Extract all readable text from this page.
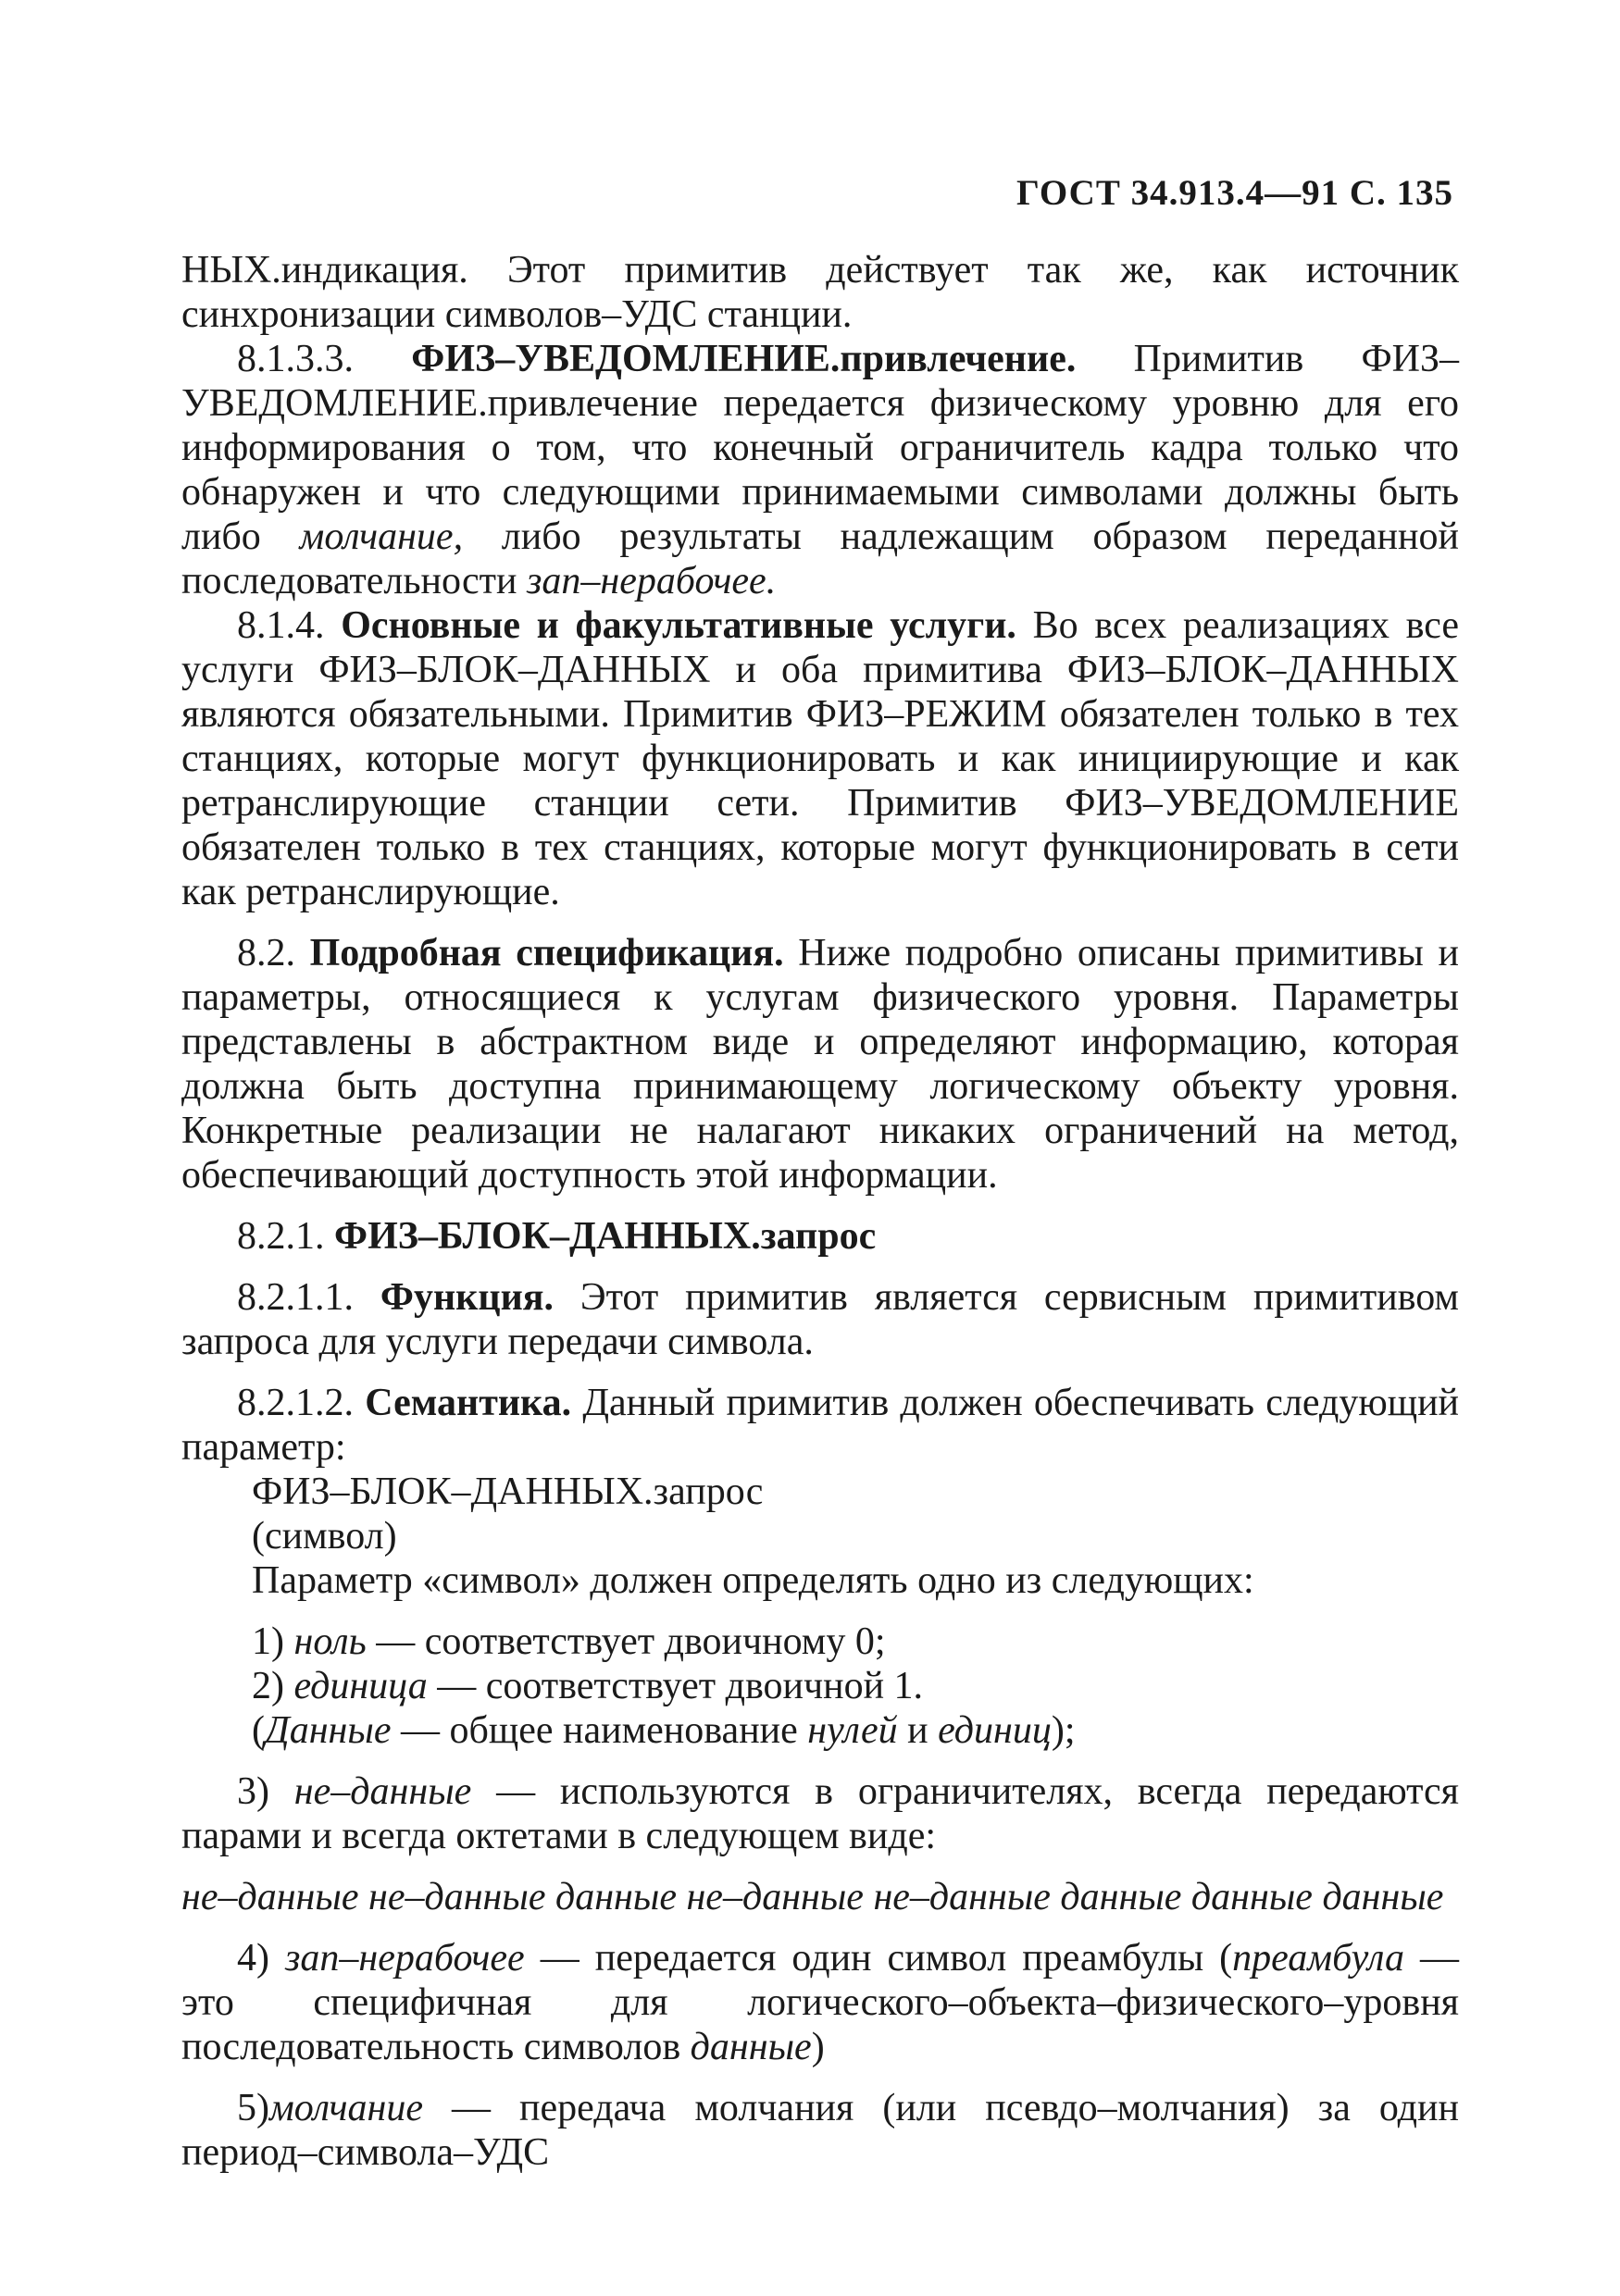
ГОСТ 34.913.4—91 С. 135

НЫХ.индикация. Этот примитив действует так же, как источник синхронизации символов–УДС станции.

8.1.3.3. ФИЗ–УВЕДОМЛЕНИЕ.привлечение. Примитив ФИЗ–УВЕДОМЛЕНИЕ.привлечение передается физическому уровню для его информирования о том, что конечный ограничитель кадра только что обнаружен и что следующими принимаемыми символами должны быть либо молчание, либо результаты надлежащим образом переданной последовательности зап–нерабочее.

8.1.4. Основные и факультативные услуги. Во всех реализациях все услуги ФИЗ–БЛОК–ДАННЫХ и оба примитива ФИЗ–БЛОК–ДАННЫХ являются обязательными. Примитив ФИЗ–РЕЖИМ обязателен только в тех станциях, которые могут функционировать и как инициирующие и как ретранслирующие станции сети. Примитив ФИЗ–УВЕДОМЛЕНИЕ обязателен только в тех станциях, которые могут функционировать в сети как ретранслирующие.

8.2. Подробная спецификация. Ниже подробно описаны примитивы и параметры, относящиеся к услугам физического уровня. Параметры представлены в абстрактном виде и определяют информацию, которая должна быть доступна принимающему логическому объекту уровня. Конкретные реализации не налагают никаких ограничений на метод, обеспечивающий доступность этой информации.

8.2.1. ФИЗ–БЛОК–ДАННЫХ.запрос

8.2.1.1. Функция. Этот примитив является сервисным примитивом запроса для услуги передачи символа.

8.2.1.2. Семантика. Данный примитив должен обеспечивать следующий параметр:

ФИЗ–БЛОК–ДАННЫХ.запрос

(символ)

Параметр «символ» должен определять одно из следующих:

1) ноль — соответствует двоичному 0;

2) единица — соответствует двоичной 1.

(Данные — общее наименование нулей и единиц);

3) не–данные — используются в ограничителях, всегда передаются парами и всегда октетами в следующем виде:

не–данные не–данные данные не–данные не–данные данные данные данные

4) зап–нерабочее — передается один символ преамбулы (преамбула — это специфичная для логического–объекта–физического–уровня последовательность символов данные)

5)молчание — передача молчания (или псевдо–молчания) за один период–символа–УДС
